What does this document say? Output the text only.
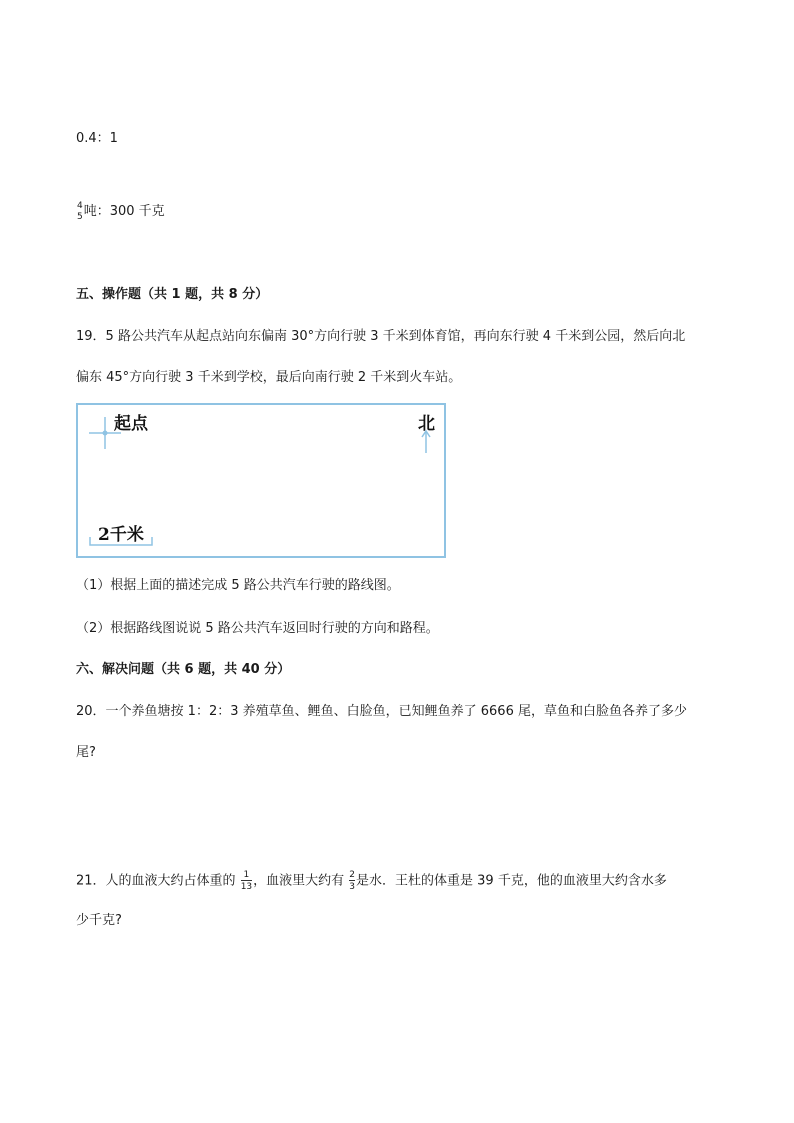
0.4：1
4
5 吨：300 千克
五、操作题（共 1 题，共 8 分）
19．5 路公共汽车从起点站向东偏南 30°方向行驶 3 千米到体育馆，再向东行驶 4 千米到公园，然后向北
偏东 45°方向行驶 3 千米到学校，最后向南行驶 2 千米到火车站。
起点	北
2千米
（1）根据上面的描述完成 5 路公共汽车行驶的路线图。
（2）根据路线图说说 5 路公共汽车返回时行驶的方向和路程。
六、解决问题（共 6 题，共 40 分）
20．一个养鱼塘按 1：2：3 养殖草鱼、鲤鱼、白脸鱼，已知鲤鱼养了 6666 尾，草鱼和白脸鱼各养了多少
尾?
21．人的血液大约占体重的 $\frac{1}{13}$ ，血液里大约有 $\frac{2}{3}$ 是水．王杜的体重是 39 千克，他的血液里大约含水多
少千克?
